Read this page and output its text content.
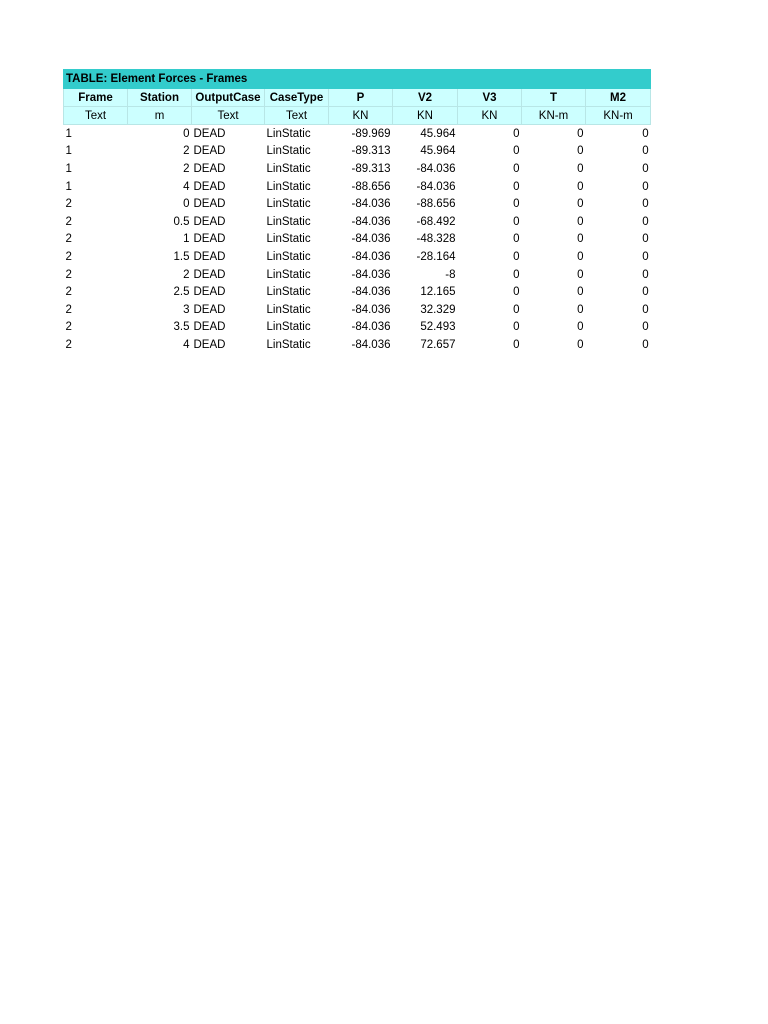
TABLE: Element Forces - Frames								
Frame	Station	OutputCase	CaseType	P	V2	V3	T	M2
Text	m	Text	Text	KN	KN	KN	KN-m	KN-m
1	0	DEAD	LinStatic	-89.969	45.964	0	0	0
1	2	DEAD	LinStatic	-89.313	45.964	0	0	0
1	2	DEAD	LinStatic	-89.313	-84.036	0	0	0
1	4	DEAD	LinStatic	-88.656	-84.036	0	0	0
2	0	DEAD	LinStatic	-84.036	-88.656	0	0	0
2	0.5	DEAD	LinStatic	-84.036	-68.492	0	0	0
2	1	DEAD	LinStatic	-84.036	-48.328	0	0	0
2	1.5	DEAD	LinStatic	-84.036	-28.164	0	0	0
2	2	DEAD	LinStatic	-84.036	-8	0	0	0
2	2.5	DEAD	LinStatic	-84.036	12.165	0	0	0
2	3	DEAD	LinStatic	-84.036	32.329	0	0	0
2	3.5	DEAD	LinStatic	-84.036	52.493	0	0	0
2	4	DEAD	LinStatic	-84.036	72.657	0	0	0
